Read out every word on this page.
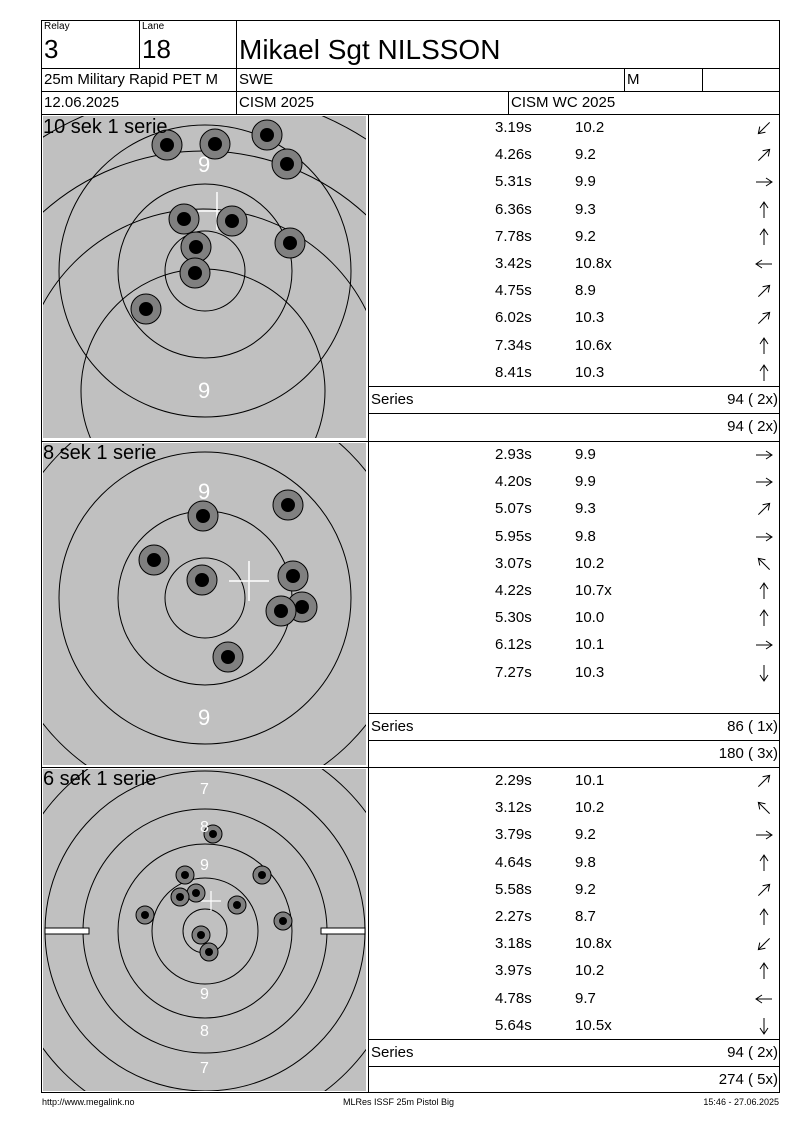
Relay
3
Lane
18 Mikael Sgt NILSSON
25m Military Rapid PET M SWE	M
12.06.2025	CISM 2025	CISM WC 2025
9
9
10 sek 1 serie	3.19s	10.2
4.26s	9.2
5.31s	9.9
6.36s	9.3
7.78s	9.2
3.42s	10.8x
4.75s	8.9
6.02s	10.3
7.34s	10.6x
8.41s	10.3
Series	94 ( 2x)
94 ( 2x)
9
9
8 sek 1 serie	2.93s	9.9
4.20s	9.9
5.07s	9.3
5.95s	9.8
3.07s	10.2
4.22s	10.7x
5.30s	10.0
6.12s	10.1
7.27s	10.3
Series	86 ( 1x)
180 ( 3x)
7
8
9
9
8
7
6 sek 1 serie	2.29s	10.1
3.12s	10.2
3.79s	9.2
4.64s	9.8
5.58s	9.2
2.27s	8.7
3.18s	10.8x
3.97s	10.2
4.78s	9.7
5.64s	10.5x
Series	94 ( 2x)
274 ( 5x)
http://www.megalink.no	MLRes ISSF 25m Pistol Big	15:46 - 27.06.2025
